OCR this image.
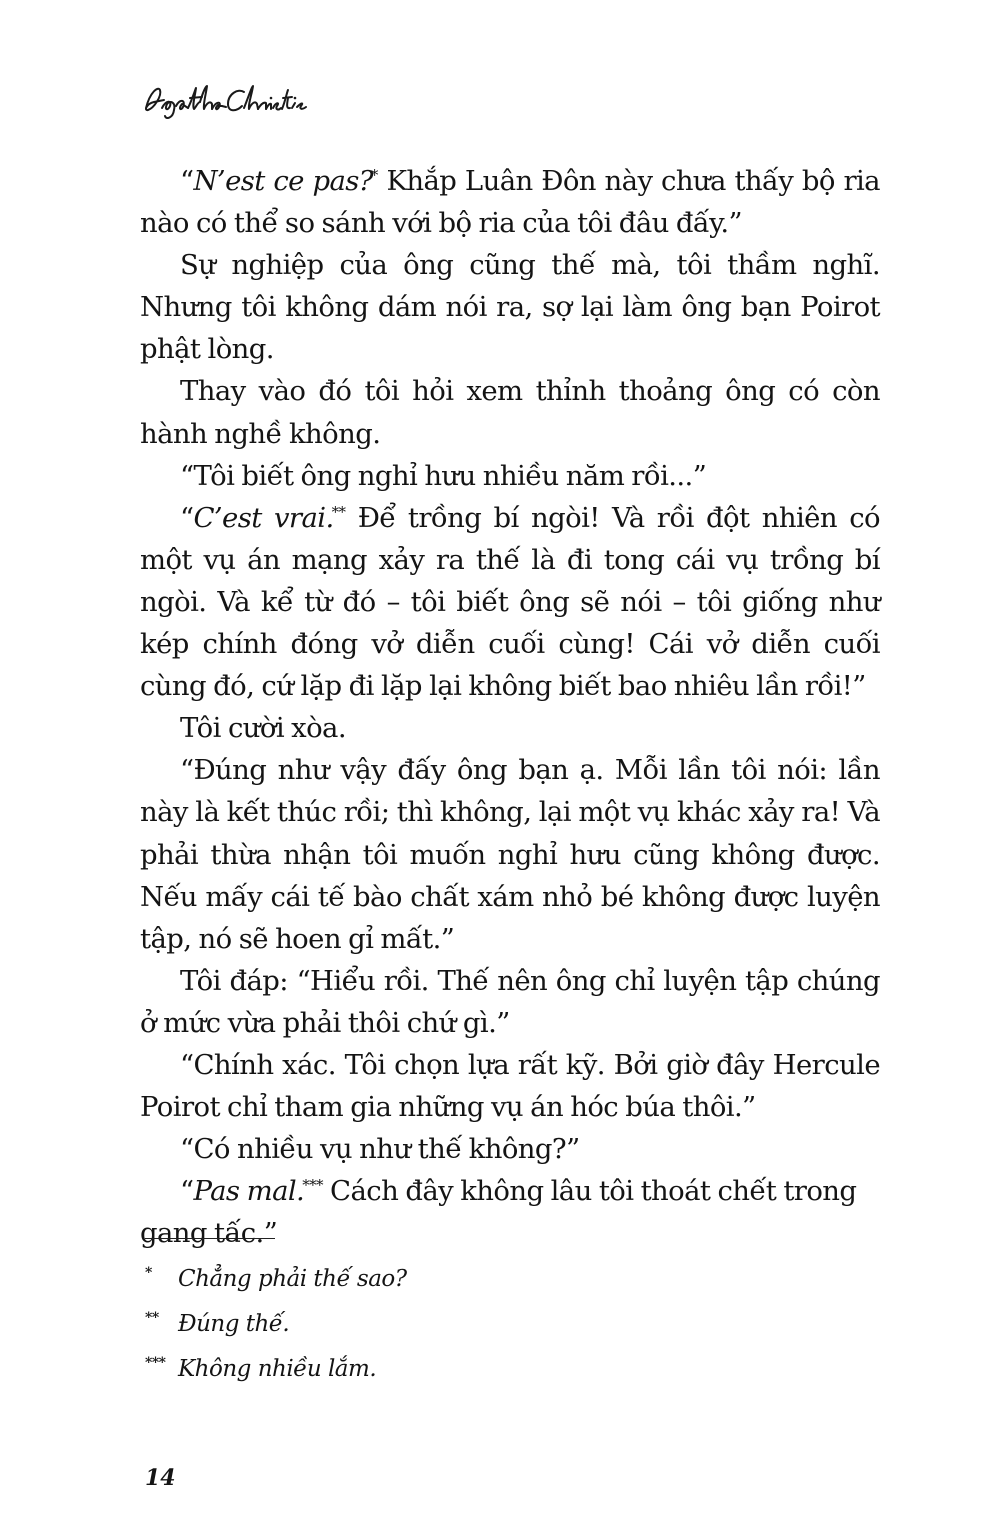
“N’est ce pas?* Khắp Luân Đôn này chưa thấy bộ ria nào có thể so sánh với bộ ria của tôi đâu đấy.”

Sự nghiệp của ông cũng thế mà, tôi thầm nghĩ. Nhưng tôi không dám nói ra, sợ lại làm ông bạn Poirot phật lòng.

Thay vào đó tôi hỏi xem thỉnh thoảng ông có còn hành nghề không.

“Tôi biết ông nghỉ hưu nhiều năm rồi...”

“C’est vrai.** Để trồng bí ngòi! Và rồi đột nhiên có một vụ án mạng xảy ra thế là đi tong cái vụ trồng bí ngòi. Và kể từ đó – tôi biết ông sẽ nói – tôi giống như kép chính đóng vở diễn cuối cùng! Cái vở diễn cuối cùng đó, cứ lặp đi lặp lại không biết bao nhiêu lần rồi!”

Tôi cười xòa.

“Đúng như vậy đấy ông bạn ạ. Mỗi lần tôi nói: lần này là kết thúc rồi; thì không, lại một vụ khác xảy ra! Và phải thừa nhận tôi muốn nghỉ hưu cũng không được. Nếu mấy cái tế bào chất xám nhỏ bé không được luyện tập, nó sẽ hoen gỉ mất.”

Tôi đáp: “Hiểu rồi. Thế nên ông chỉ luyện tập chúng ở mức vừa phải thôi chứ gì.”

“Chính xác. Tôi chọn lựa rất kỹ. Bởi giờ đây Hercule Poirot chỉ tham gia những vụ án hóc búa thôi.”

“Có nhiều vụ như thế không?”

“Pas mal.*** Cách đây không lâu tôi thoát chết trong gang tấc.”

*	Chẳng phải thế sao?
** Đúng thế.
*** Không nhiều lắm.
14
